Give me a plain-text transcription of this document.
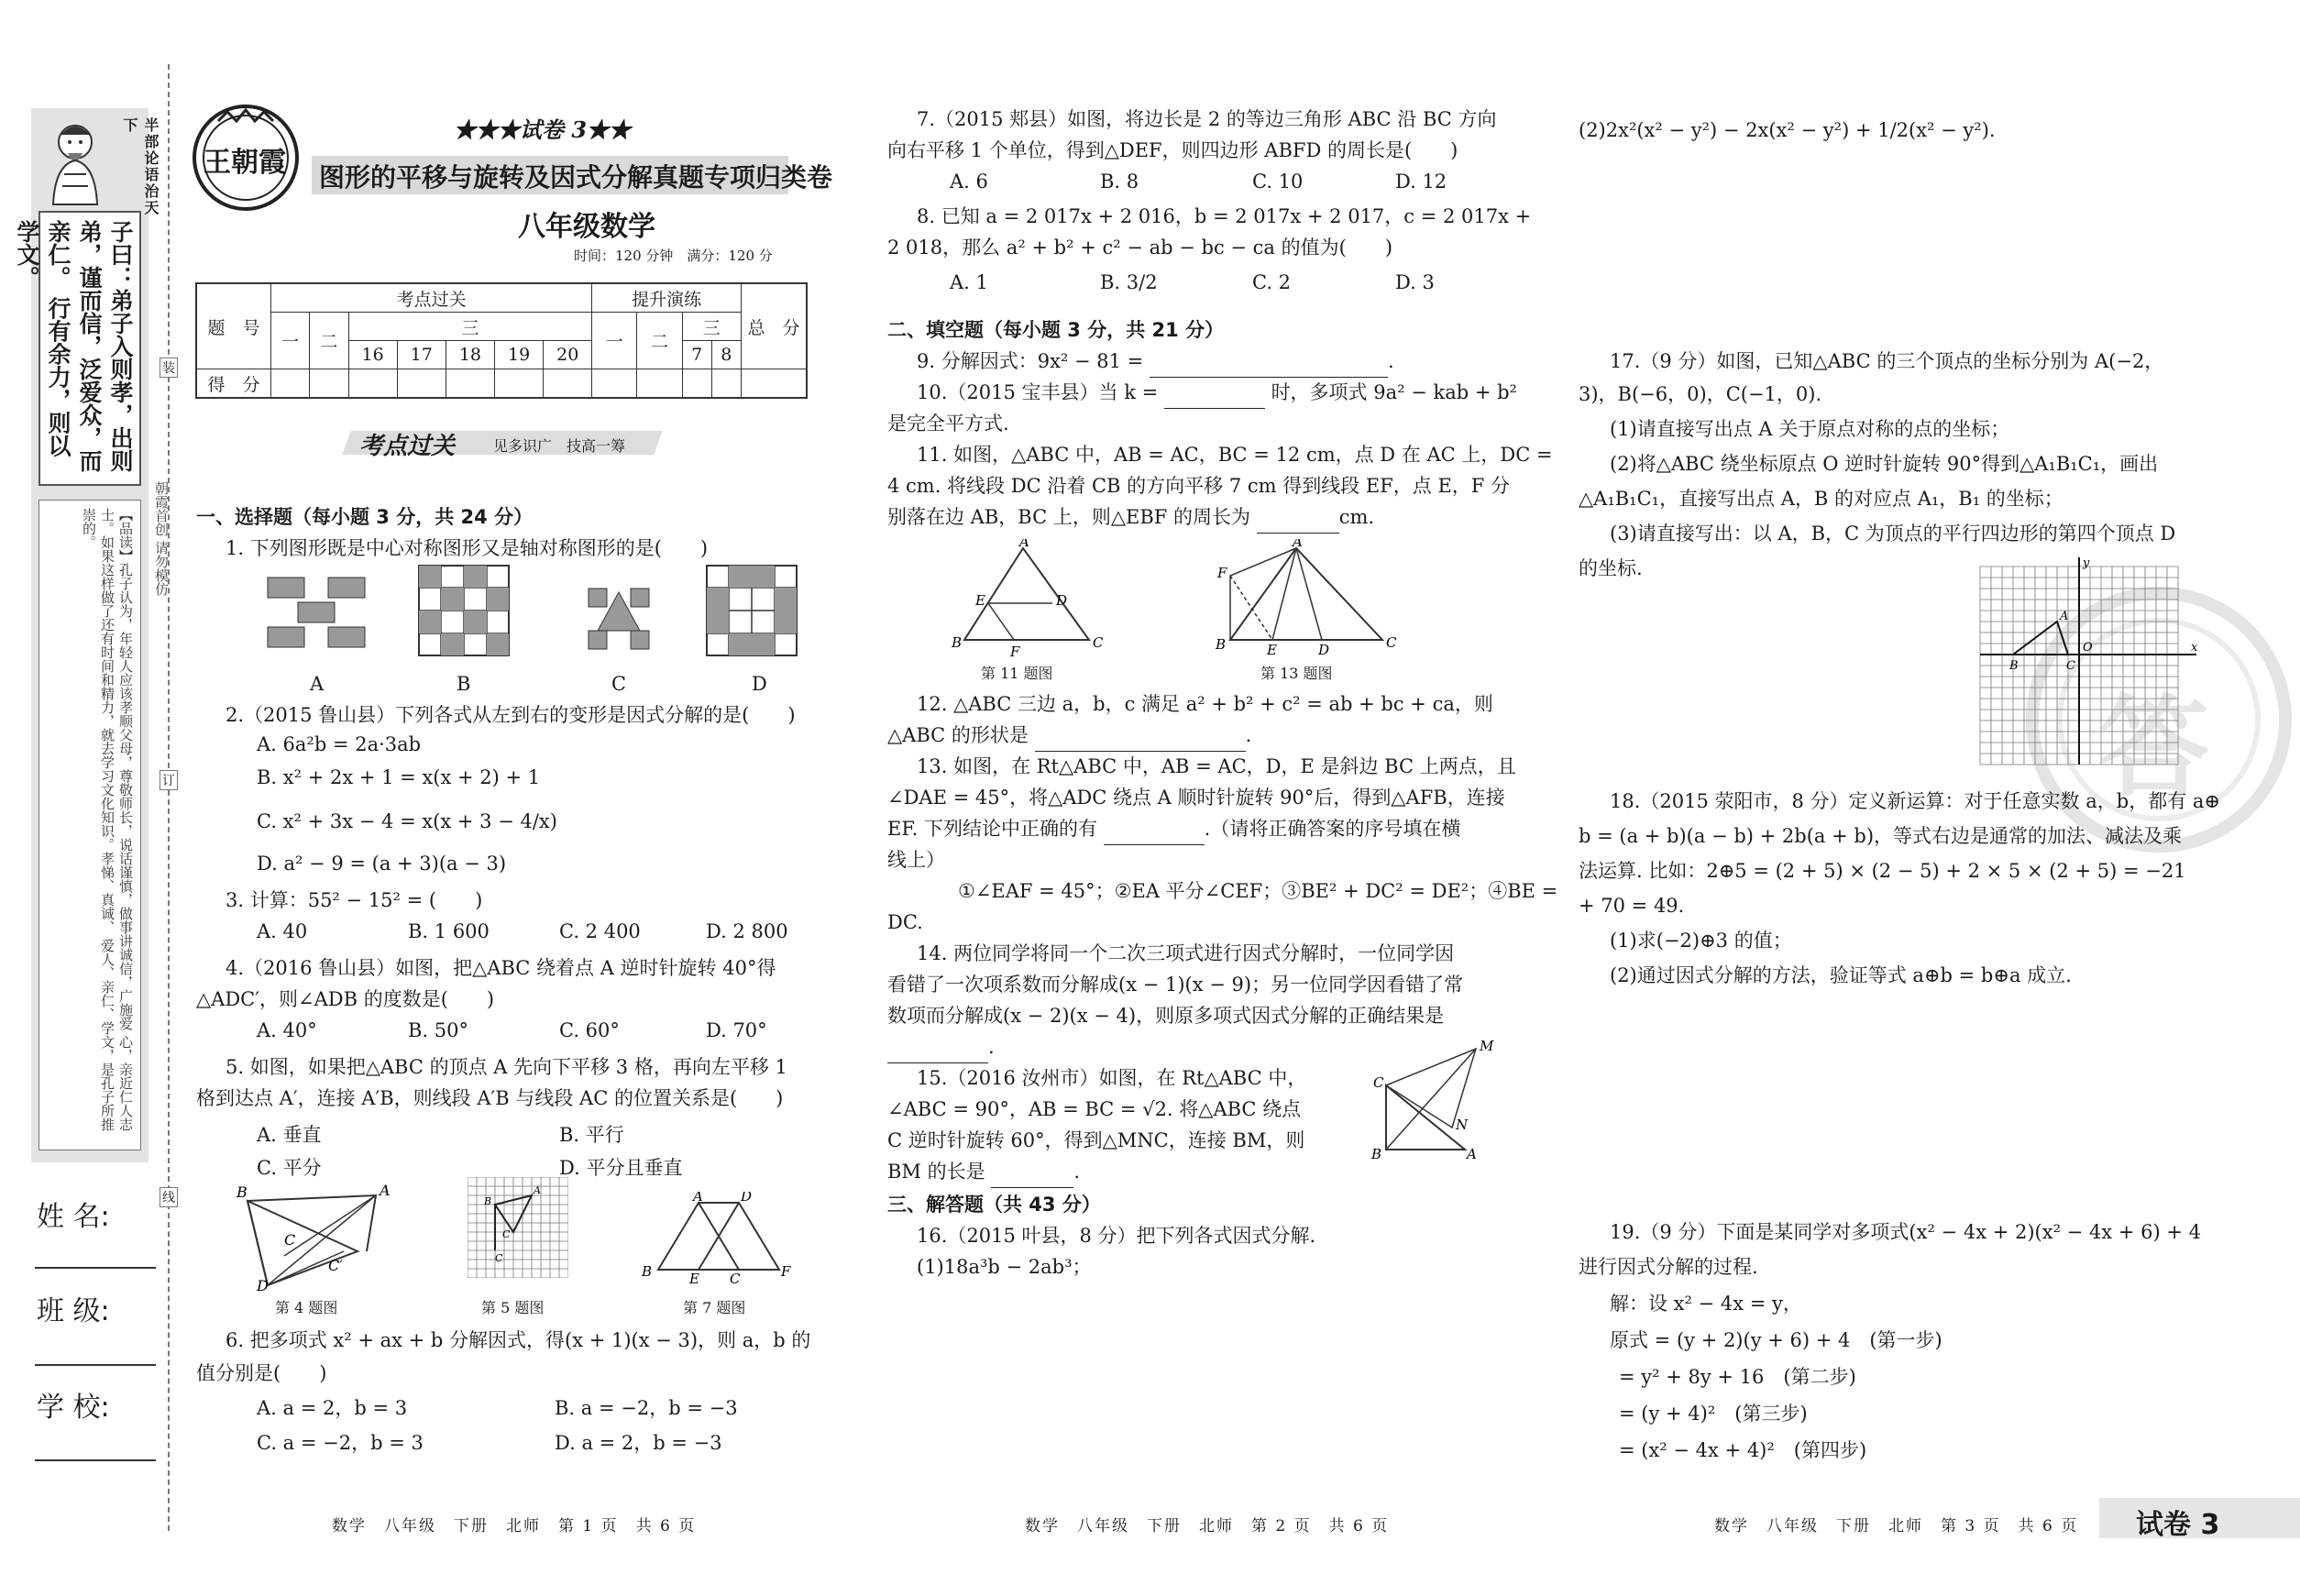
半部论语治天下
子曰：弟子入则孝，出则 弟，谨而信，泛爱众，而亲仁。 行有余力，则以学文。
【品读】孔子认为，年轻人应该孝顺父母，尊敬师长，说话谨慎，做事讲诚信，广施爱 心，亲近仁人志士。如果这样做了还有时间和精力，就去学习文化知识。孝悌、真诚、 爱人、亲仁、学文，是孔子所推崇的。
装
订
线
朝霞首创 请勿模仿
姓 名:
班 级:
学 校:
王朝霞
★★★试卷 3★★
图形的平移与旋转及因式分解真题专项归类卷
八年级数学
时间：120 分钟　满分：120 分
题　号	考点过关							提升演练				总　分
	一	二	三					一	二	三		
			16	17	18	19	20			7	8	
得　分												
考点过关	见多识广　技高一筹
一、选择题（每小题 3 分，共 24 分）
1. 下列图形既是中心对称图形又是轴对称图形的是(　　)
A	B	C	D
2.（2015 鲁山县）下列各式从左到右的变形是因式分解的是(　　)
A. 6a²b = 2a·3ab
B. x² + 2x + 1 = x(x + 2) + 1
C. x² + 3x − 4 = x(x + 3 − 4/x)
D. a² − 9 = (a + 3)(a − 3)
3. 计算：55² − 15² = (　　)
A. 40	B. 1 600	C. 2 400	D. 2 800
4.（2016 鲁山县）如图，把△ABC 绕着点 A 逆时针旋转 40°得
△ADC′，则∠ADB 的度数是(　　)
A. 40°	B. 50°	C. 60°	D. 70°
5. 如图，如果把△ABC 的顶点 A 先向下平移 3 格，再向左平移 1
格到达点 A′，连接 A′B，则线段 A′B 与线段 AC 的位置关系是(　　)
A. 垂直	B. 平行
C. 平分	D. 平分且垂直
B	A
C
D
C′
B
A
C
C
A	D
B	E C	F
第 4 题图	第 5 题图	第 7 题图
6. 把多项式 x² + ax + b 分解因式，得(x + 1)(x − 3)，则 a，b 的
值分别是(　　)
A. a = 2，b = 3	B. a = −2，b = −3
C. a = −2，b = 3	D. a = 2，b = −3
数学　八年级　下册　北师　第 1 页　共 6 页
7.（2015 郏县）如图，将边长是 2 的等边三角形 ABC 沿 BC 方向
向右平移 1 个单位，得到△DEF，则四边形 ABFD 的周长是(　　)
A. 6	B. 8	C. 10	D. 12
8. 已知 a = 2 017x + 2 016，b = 2 017x + 2 017，c = 2 017x +
2 018，那么 a² + b² + c² − ab − bc − ca 的值为(　　)
A. 1	B. 3/2	C. 2	D. 3
二、填空题（每小题 3 分，共 21 分）
9. 分解因式：9x² − 81 =	.
10.（2015 宝丰县）当 k =	时，多项式 9a² − kab + b²
是完全平方式.
11. 如图，△ABC 中，AB = AC，BC = 12 cm，点 D 在 AC 上，DC =
4 cm. 将线段 DC 沿着 CB 的方向平移 7 cm 得到线段 EF，点 E，F 分
别落在边 AB，BC 上，则△EBF 的周长为	cm.
A
E	D
B
F
C
A
F
B	E	D	C
第 11 题图	第 13 题图
12. △ABC 三边 a，b，c 满足 a² + b² + c² = ab + bc + ca，则
△ABC 的形状是	.
13. 如图，在 Rt△ABC 中，AB = AC，D，E 是斜边 BC 上两点，且
∠DAE = 45°，将△ADC 绕点 A 顺时针旋转 90°后，得到△AFB，连接
EF. 下列结论中正确的有	.（请将正确答案的序号填在横
线上）
①∠EAF = 45°；②EA 平分∠CEF；③BE² + DC² = DE²；④BE =
DC.
14. 两位同学将同一个二次三项式进行因式分解时，一位同学因
看错了一次项系数而分解成(x − 1)(x − 9)；另一位同学因看错了常
数项而分解成(x − 2)(x − 4)，则原多项式因式分解的正确结果是
.
15.（2016 汝州市）如图，在 Rt△ABC 中，
∠ABC = 90°，AB = BC = √2. 将△ABC 绕点
C 逆时针旋转 60°，得到△MNC，连接 BM，则
BM 的长是	.
C
M
N
B	A
三、解答题（共 43 分）
16.（2015 叶县，8 分）把下列各式因式分解.
(1)18a³b − 2ab³；
数学　八年级　下册　北师　第 2 页　共 6 页
答
(2)2x²(x² − y²) − 2x(x² − y²) + 1/2(x² − y²).
17.（9 分）如图，已知△ABC 的三个顶点的坐标分别为 A(−2，
3)，B(−6，0)，C(−1，0).
(1)请直接写出点 A 关于原点对称的点的坐标；
(2)将△ABC 绕坐标原点 O 逆时针旋转 90°得到△A₁B₁C₁，画出
△A₁B₁C₁，直接写出点 A，B 的对应点 A₁，B₁ 的坐标；
(3)请直接写出：以 A，B，C 为顶点的平行四边形的第四个顶点 D
的坐标.
A
B	C
O	x
y
18.（2015 荥阳市，8 分）定义新运算：对于任意实数 a，b，都有 a⊕
b = (a + b)(a − b) + 2b(a + b)，等式右边是通常的加法、减法及乘
法运算. 比如：2⊕5 = (2 + 5) × (2 − 5) + 2 × 5 × (2 + 5) = −21
+ 70 = 49.
(1)求(−2)⊕3 的值；
(2)通过因式分解的方法，验证等式 a⊕b = b⊕a 成立.
19.（9 分）下面是某同学对多项式(x² − 4x + 2)(x² − 4x + 6) + 4
进行因式分解的过程.
解：设 x² − 4x = y，
原式 = (y + 2)(y + 6) + 4　(第一步)
= y² + 8y + 16　(第二步)
= (y + 4)²　(第三步)
= (x² − 4x + 4)²　(第四步)
数学　八年级　下册　北师　第 3 页　共 6 页 试卷 3
